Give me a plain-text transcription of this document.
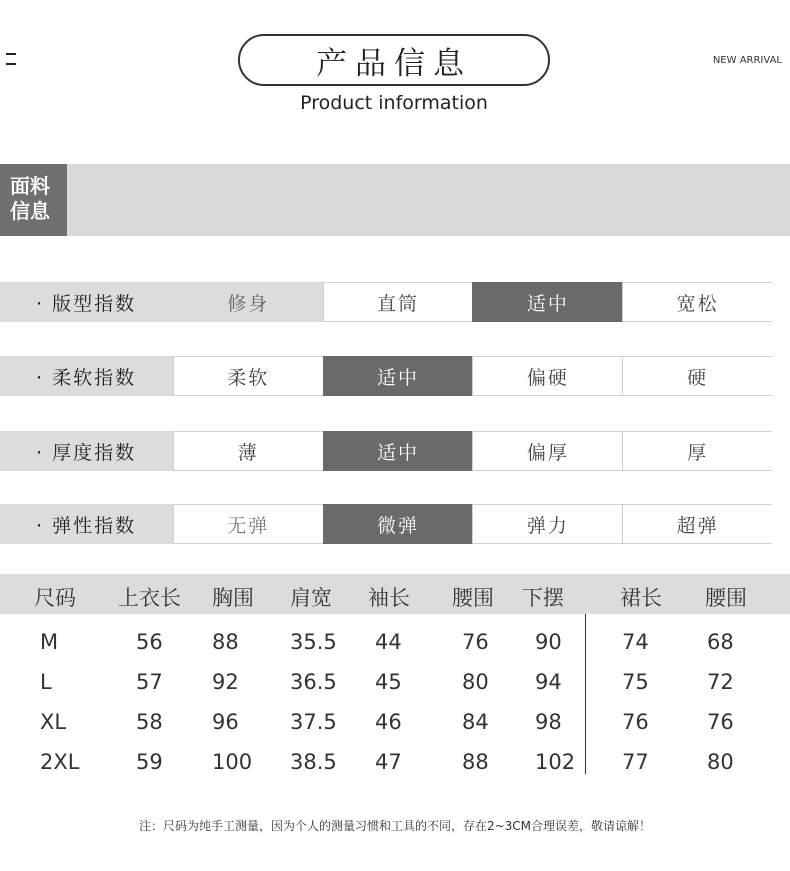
产品信息
Product information
NEW ARRIVAL
面料
信息
· 版型指数	修身	直筒	适中	宽松
· 柔软指数	柔软	适中	偏硬	硬
· 厚度指数	薄	适中	偏厚	厚
· 弹性指数	无弹	微弹	弹力	超弹
尺码 上衣长 胸围 肩宽 袖长 腰围 下摆	裙长 腰围
M	56 88 35.5 44	76 90	74	68
L	57 92 36.5 45	80 94	75	72
XL	58 96 37.5 46	84 98	76	76
2XL	59 100 38.5 47	88 102 77	80
注：尺码为纯手工测量，因为个人的测量习惯和工具的不同，存在2~3CM合理误差，敬请谅解！
